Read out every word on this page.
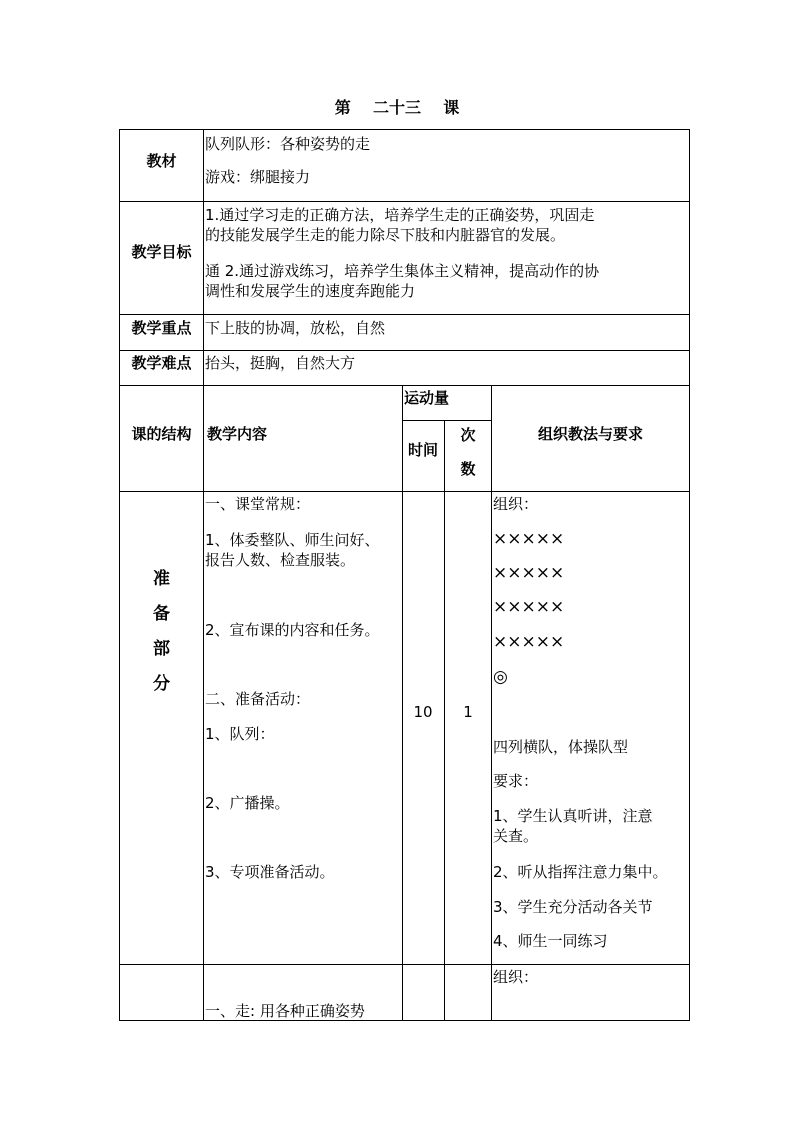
第    二十三    课
教材
队列队形：各种姿势的走
游戏：绑腿接力
教学目标
1.通过学习走的正确方法，培养学生走的正确姿势，巩固走
的技能发展学生走的能力除尽下肢和内脏器官的发展。
通 2.通过游戏练习，培养学生集体主义精神，提高动作的协
调性和发展学生的速度奔跑能力
教学重点 下上肢的协凋，放松，自然
教学难点 抬头，挺胸，自然大方
课的结构	教学内容
运动量
时间
次
数
组织教法与要求
准
备
部
分
一、课堂常规：
1、体委整队、师生问好、
报告人数、检查服装。
2、宣布课的内容和任务。
二、准备活动：
1、队列：
2、广播操。
3、专项准备活动。
10	1
组织：
×××××
×××××
×××××
×××××
◎
四列横队，体操队型
要求：
1、学生认真听讲，注意
关查。
2、听从指挥注意力集中。
3、学生充分活动各关节
4、师生一同练习
组织：
一、走: 用各种正确姿势
